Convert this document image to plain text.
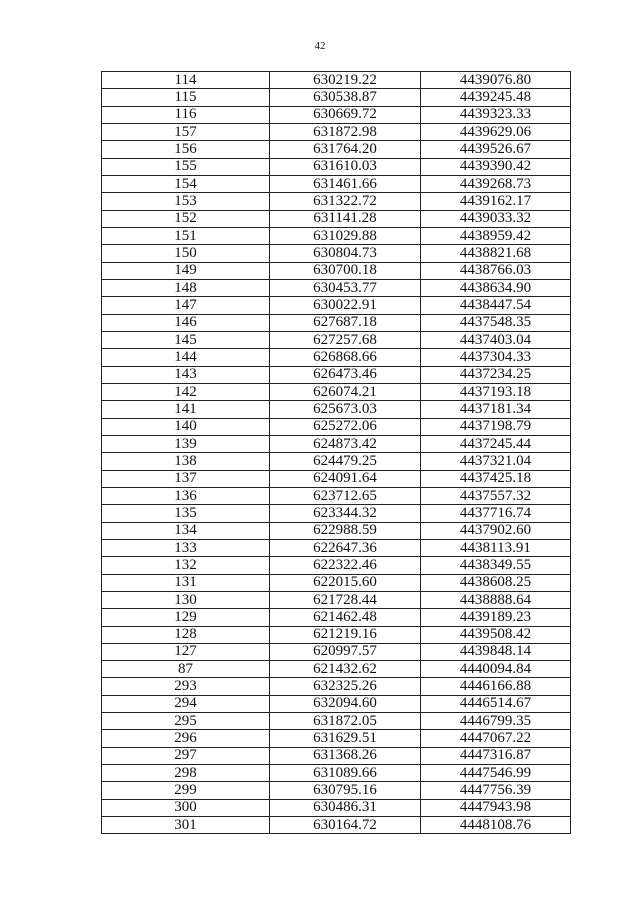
42
114	630219.22	4439076.80
115	630538.87	4439245.48
116	630669.72	4439323.33
157	631872.98	4439629.06
156	631764.20	4439526.67
155	631610.03	4439390.42
154	631461.66	4439268.73
153	631322.72	4439162.17
152	631141.28	4439033.32
151	631029.88	4438959.42
150	630804.73	4438821.68
149	630700.18	4438766.03
148	630453.77	4438634.90
147	630022.91	4438447.54
146	627687.18	4437548.35
145	627257.68	4437403.04
144	626868.66	4437304.33
143	626473.46	4437234.25
142	626074.21	4437193.18
141	625673.03	4437181.34
140	625272.06	4437198.79
139	624873.42	4437245.44
138	624479.25	4437321.04
137	624091.64	4437425.18
136	623712.65	4437557.32
135	623344.32	4437716.74
134	622988.59	4437902.60
133	622647.36	4438113.91
132	622322.46	4438349.55
131	622015.60	4438608.25
130	621728.44	4438888.64
129	621462.48	4439189.23
128	621219.16	4439508.42
127	620997.57	4439848.14
87	621432.62	4440094.84
293	632325.26	4446166.88
294	632094.60	4446514.67
295	631872.05	4446799.35
296	631629.51	4447067.22
297	631368.26	4447316.87
298	631089.66	4447546.99
299	630795.16	4447756.39
300	630486.31	4447943.98
301	630164.72	4448108.76
